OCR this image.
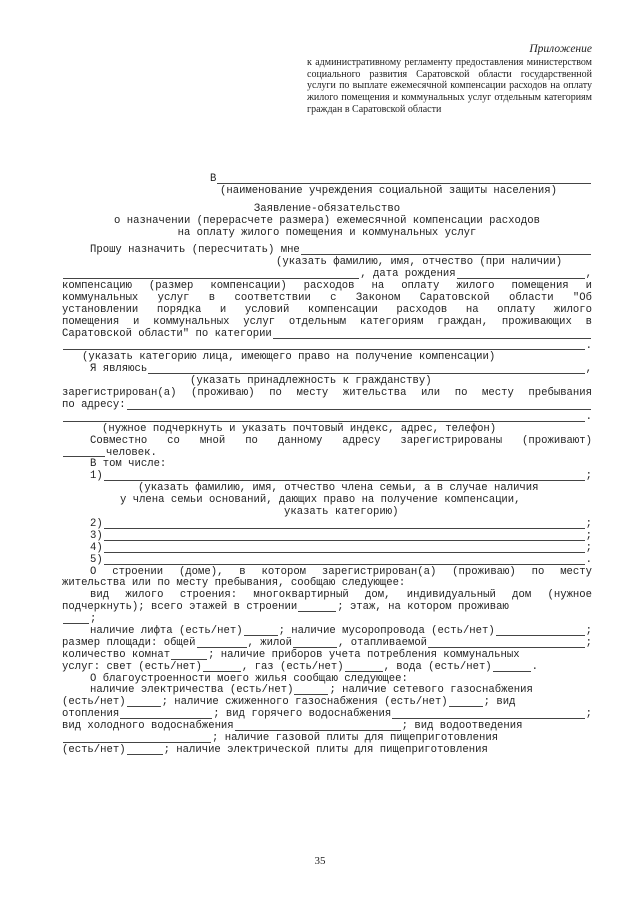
Приложение
к административному регламенту предоставления министерством социального развития Саратовской области государственной услуги по выплате ежемесячной компенсации расходов на оплату жилого помещения и коммунальных услуг отдельным категориям граждан в Саратовской области
В
(наименование учреждения социальной защиты населения)
Заявление-обязательство
о назначении (перерасчете размера) ежемесячной компенсации расходов
на оплату жилого помещения и коммунальных услуг
Прошу назначить (пересчитать) мне
(указать фамилию, имя, отчество (при наличии)
, дата рождения	,
компенсацию (размер компенсации) расходов на оплату жилого помещения и
коммунальных услуг в соответствии с Законом Саратовской области "Об
установлении порядка и условий компенсации расходов на оплату жилого
помещения и коммунальных услуг отдельным категориям граждан, проживающих в
Саратовской области" по категории
.
(указать категорию лица, имеющего право на получение компенсации)
Я являюсь	,
(указать принадлежность к гражданству)
зарегистрирован(а) (проживаю) по месту жительства или по месту пребывания
по адресу:
.
(нужное подчеркнуть и указать почтовый индекс, адрес, телефон)
Совместно со мной по данному адресу зарегистрированы (проживают)
человек.
В том числе:
1)	;
(указать фамилию, имя, отчество члена семьи, а в случае наличия
у члена семьи оснований, дающих право на получение компенсации,
указать категорию)
2)	;
3)	;
4)	;
5)	.
О строении (доме), в котором зарегистрирован(а) (проживаю) по месту
жительства или по месту пребывания, сообщаю следующее:
вид жилого строения: многоквартирный дом, индивидуальный дом (нужное
подчеркнуть); всего этажей в строении	; этаж, на котором проживаю
;
наличие лифта (есть/нет)	; наличие мусоропровода (есть/нет)	;
размер площади: общей	, жилой	, отапливаемой	;
количество комнат	; наличие приборов учета потребления коммунальных
услуг: свет (есть/нет)	, газ (есть/нет)	, вода (есть/нет)	.
О благоустроенности моего жилья сообщаю следующее:
наличие электричества (есть/нет)	; наличие сетевого газоснабжения
(есть/нет)	; наличие сжиженного газоснабжения (есть/нет)	; вид
отопления	; вид горячего водоснабжения	;
вид холодного водоснабжения	; вид водоотведения
; наличие газовой плиты для пищеприготовления
(есть/нет)	; наличие электрической плиты для пищеприготовления
35
